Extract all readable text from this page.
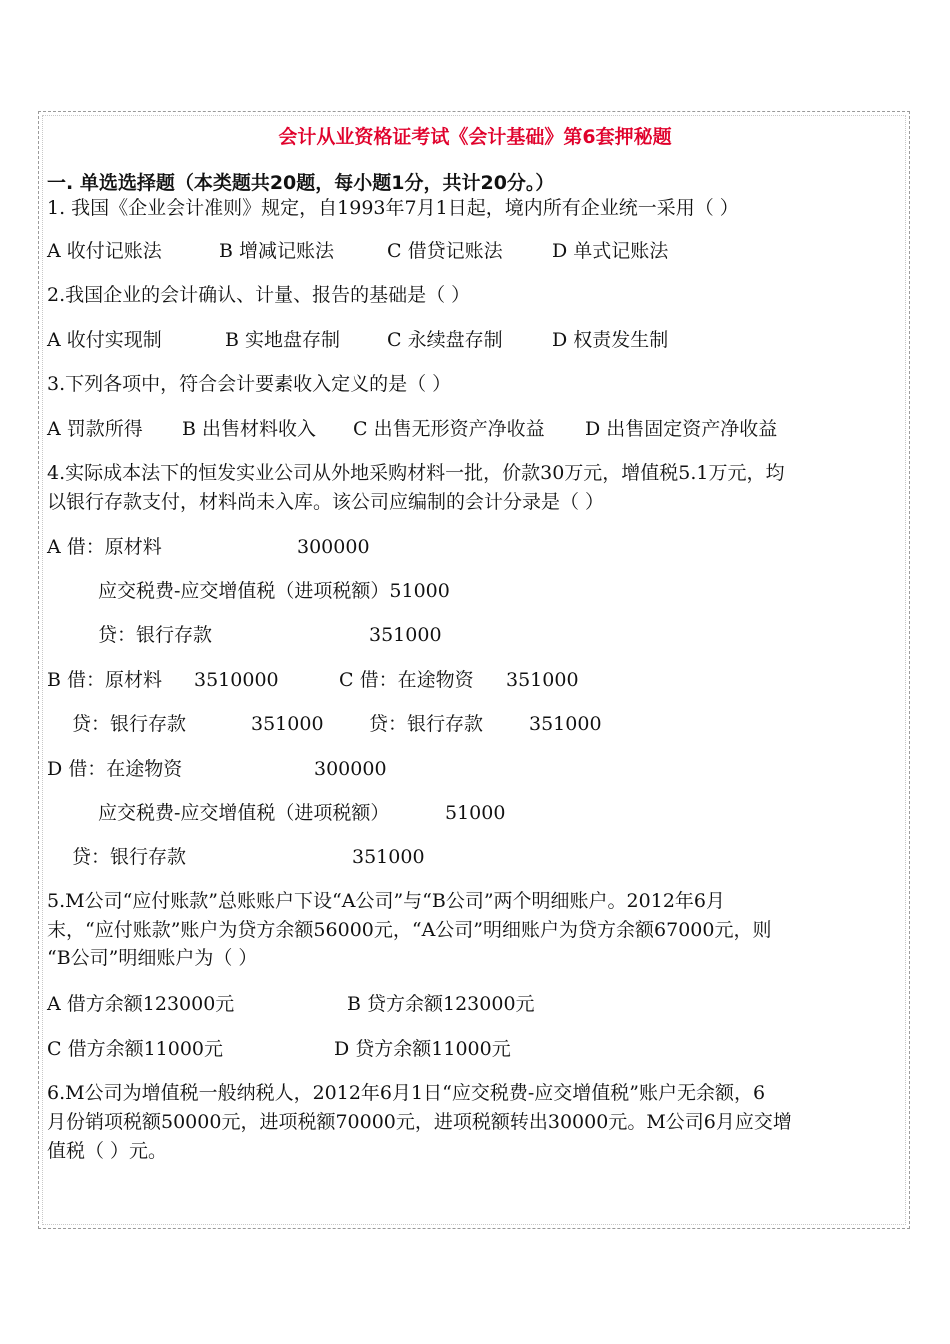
会计从业资格证考试《会计基础》第6套押秘题
一. 单选选择题（本类题共20题，每小题1分，共计20分。）
1. 我国《企业会计准则》规定，自1993年7月1日起，境内所有企业统一采用（ ）
A 收付记账法	B 增减记账法	C 借贷记账法	D 单式记账法
2.我国企业的会计确认、计量、报告的基础是（ ）
A 收付实现制	B 实地盘存制 C 永续盘存制	D 权责发生制
3.下列各项中，符合会计要素收入定义的是（ ）
A 罚款所得 B 出售材料收入 C 出售无形资产净收益 D 出售固定资产净收益
4.实际成本法下的恒发实业公司从外地采购材料一批，价款30万元，增值税5.1万元，均
以银行存款支付，材料尚未入库。该公司应编制的会计分录是（ ）
A 借：原材料	300000
应交税费-应交增值税（进项税额）51000
贷：银行存款	351000
B 借：原材料 3510000	C 借：在途物资 351000
贷：银行存款	351000 贷：银行存款 351000
D 借：在途物资	300000
应交税费-应交增值税（进项税额）	51000
贷：银行存款	351000
5.M公司“应付账款”总账账户下设“A公司”与“B公司”两个明细账户。2012年6月
末，“应付账款”账户为贷方余额56000元，“A公司”明细账户为贷方余额67000元，则
“B公司”明细账户为（ ）
A 借方余额123000元	B 贷方余额123000元
C 借方余额11000元	D 贷方余额11000元
6.M公司为增值税一般纳税人，2012年6月1日“应交税费-应交增值税”账户无余额，6
月份销项税额50000元，进项税额70000元，进项税额转出30000元。M公司6月应交增
值税（ ）元。
